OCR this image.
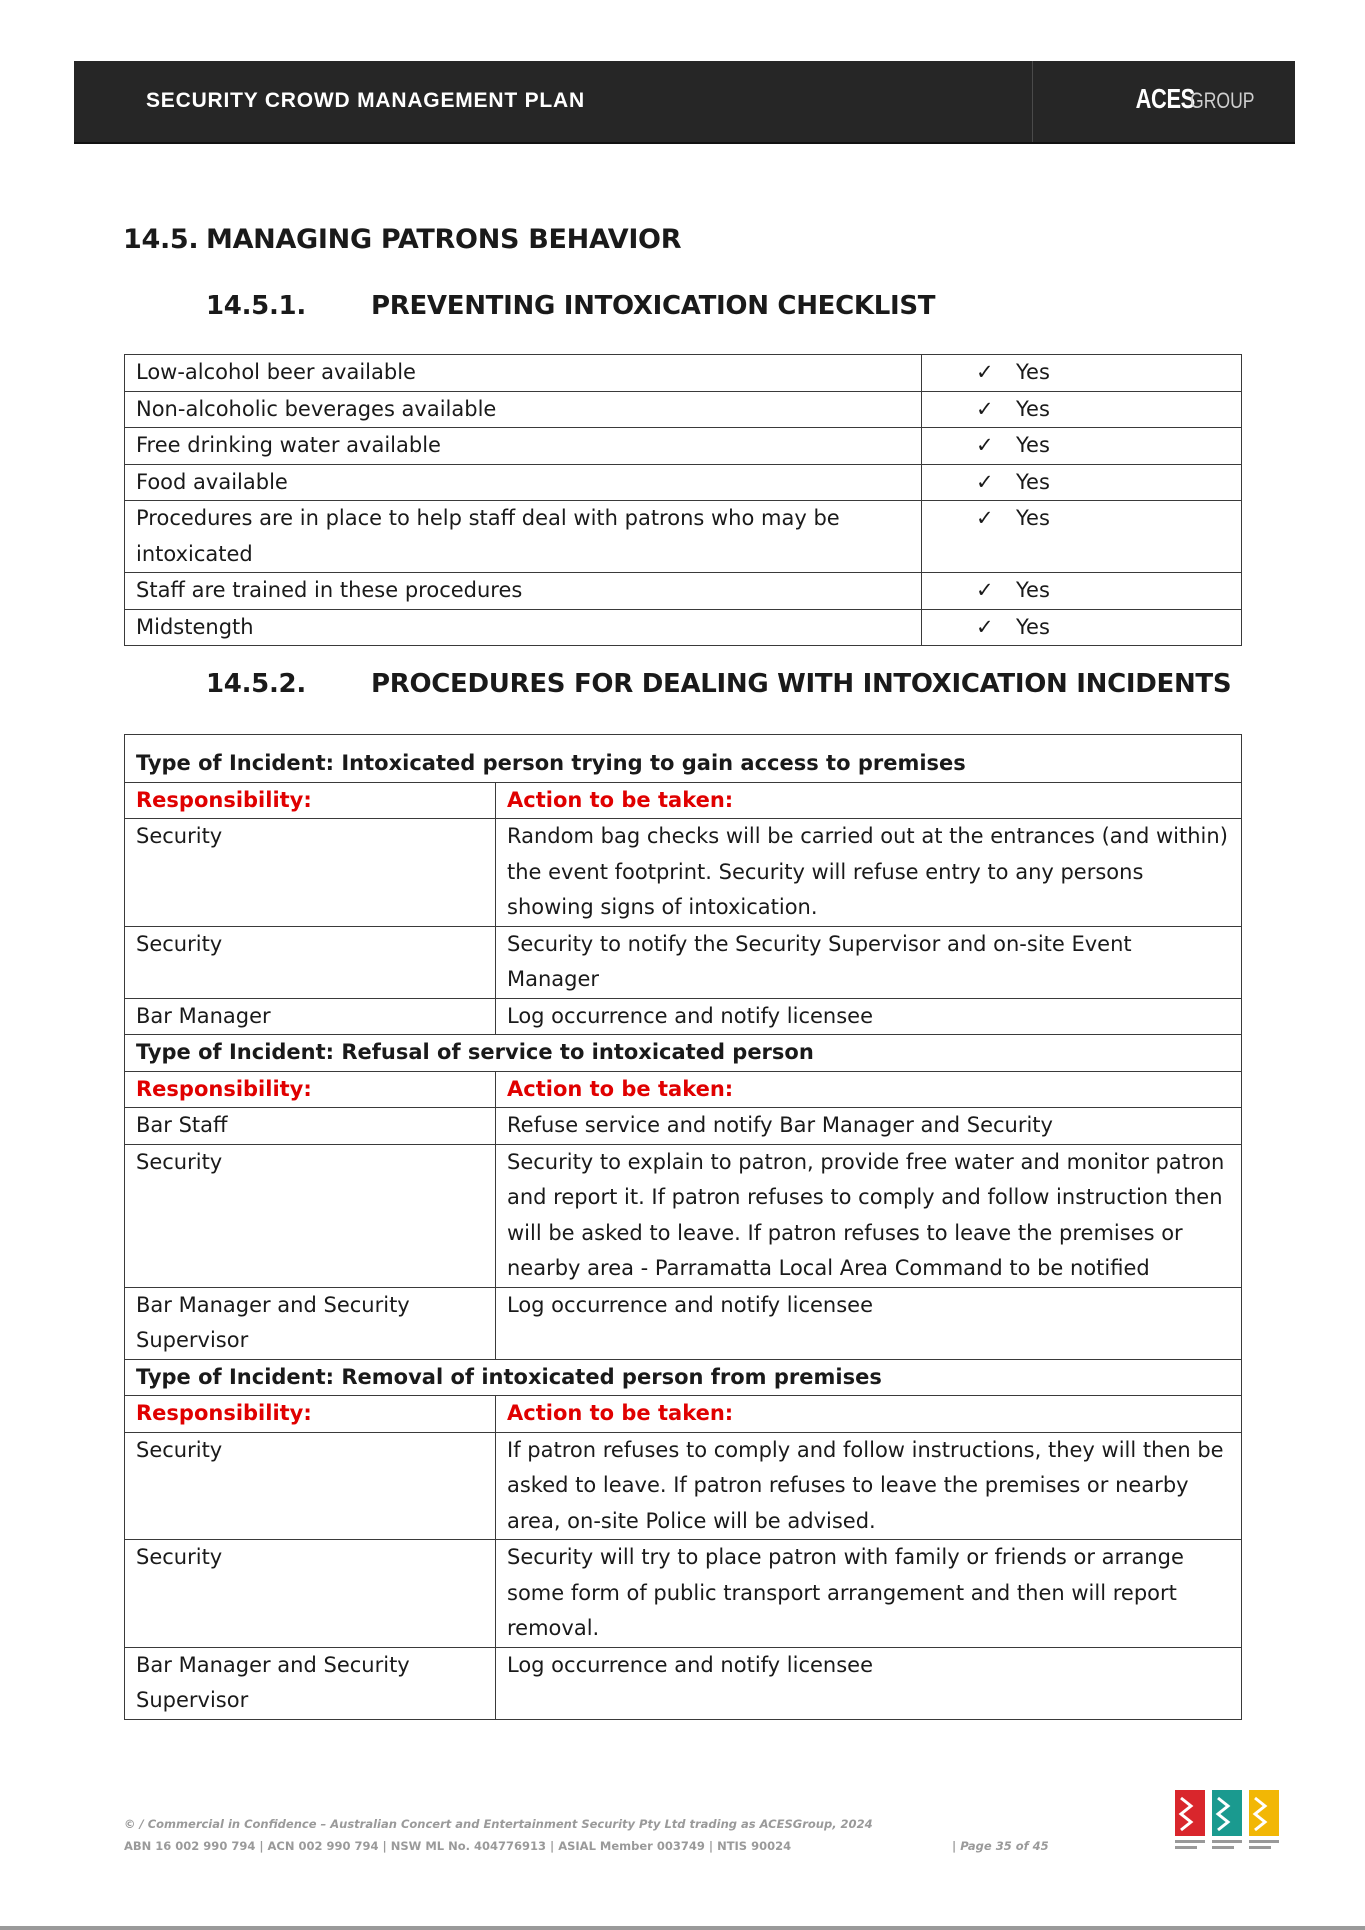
SECURITY CROWD MANAGEMENT PLAN	ACESGROUP
14.5. MANAGING PATRONS BEHAVIOR
14.5.1.	PREVENTING INTOXICATION CHECKLIST
Low-alcohol beer available	✓ Yes
Non-alcoholic beverages available	✓ Yes
Free drinking water available	✓ Yes
Food available	✓ Yes
Procedures are in place to help staff deal with patrons who may be intoxicated	✓ Yes
Staff are trained in these procedures	✓ Yes
Midstength	✓ Yes
14.5.2.	PROCEDURES FOR DEALING WITH INTOXICATION INCIDENTS
Type of Incident: Intoxicated person trying to gain access to premises	
Responsibility:	Action to be taken:
Security	Random bag checks will be carried out at the entrances (and within) the event footprint. Security will refuse entry to any persons showing signs of intoxication.
Security	Security to notify the Security Supervisor and on-site Event Manager
Bar Manager	Log occurrence and notify licensee
Type of Incident: Refusal of service to intoxicated person	
Responsibility:	Action to be taken:
Bar Staff	Refuse service and notify Bar Manager and Security
Security	Security to explain to patron, provide free water and monitor patron and report it. If patron refuses to comply and follow instruction then will be asked to leave. If patron refuses to leave the premises or nearby area - Parramatta Local Area Command to be notified
Bar Manager and Security Supervisor	Log occurrence and notify licensee
Type of Incident: Removal of intoxicated person from premises	
Responsibility:	Action to be taken:
Security	If patron refuses to comply and follow instructions, they will then be asked to leave. If patron refuses to leave the premises or nearby area, on-site Police will be advised.
Security	Security will try to place patron with family or friends or arrange some form of public transport arrangement and then will report removal.
Bar Manager and Security Supervisor	Log occurrence and notify licensee
© / Commercial in Confidence – Australian Concert and Entertainment Security Pty Ltd trading as ACESGroup, 2024
ABN 16 002 990 794 | ACN 002 990 794 | NSW ML No. 404776913 | ASIAL Member 003749 | NTIS 90024	| Page 35 of 45
